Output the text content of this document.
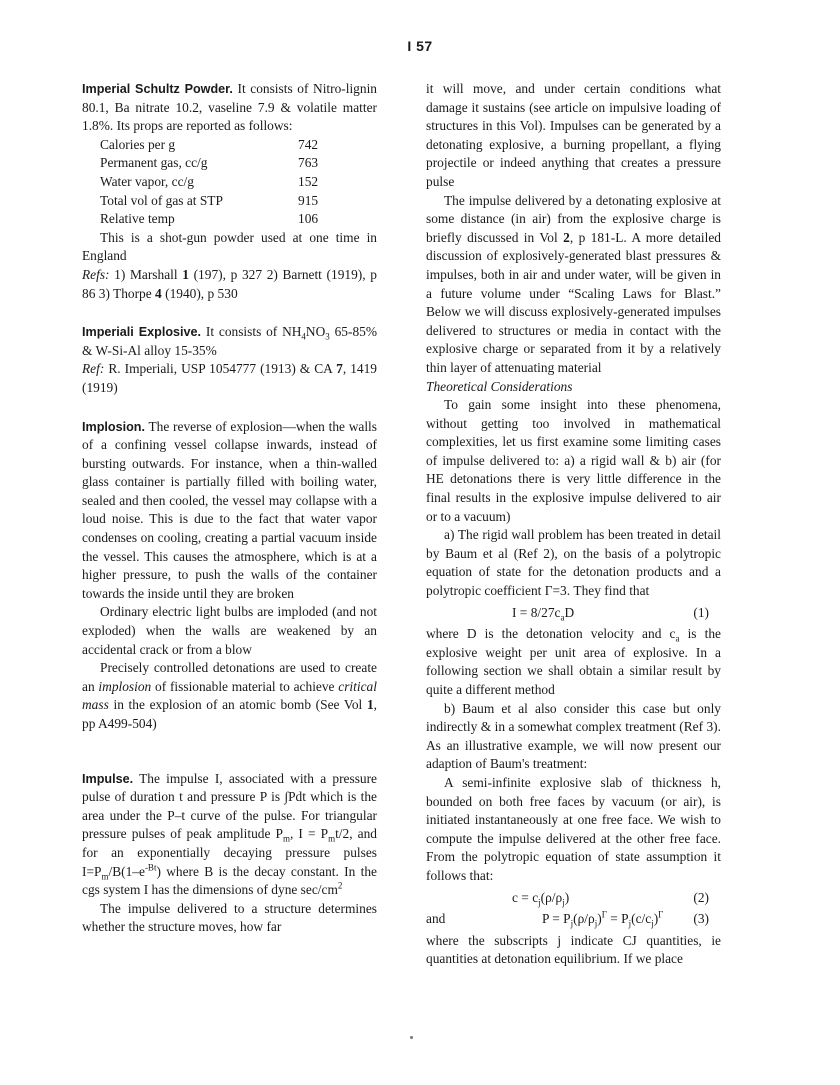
I 57

Imperial Schultz Powder. It consists of Nitro-lignin 80.1, Ba nitrate 10.2, vaseline 7.9 & volatile matter 1.8%. Its props are reported as follows:

Calories per g	742
Permanent gas, cc/g	763
Water vapor, cc/g	152
Total vol of gas at STP	915
Relative temp	106

This is a shot-gun powder used at one time in England

Refs: 1) Marshall 1 (197), p 327 2) Barnett (1919), p 86 3) Thorpe 4 (1940), p 530

Imperiali Explosive. It consists of $NH_4NO_3$ 65-85% & W-Si-Al alloy 15-35%

Ref: R. Imperiali, USP 1054777 (1913) & CA 7, 1419 (1919)

Implosion. The reverse of explosion—when the walls of a confining vessel collapse inwards, instead of bursting outwards. For instance, when a thin-walled glass container is partially filled with boiling water, sealed and then cooled, the vessel may collapse with a loud noise. This is due to the fact that water vapor condenses on cooling, creating a partial vacuum inside the vessel. This causes the atmosphere, which is at a higher pressure, to push the walls of the container towards the inside until they are broken

Ordinary electric light bulbs are imploded (and not exploded) when the walls are weakened by an accidental crack or from a blow

Precisely controlled detonations are used to create an implosion of fissionable material to achieve critical mass in the explosion of an atomic bomb (See Vol 1, pp A499-504)

Impulse. The impulse I, associated with a pressure pulse of duration t and pressure P is ∫Pdt which is the area under the P–t curve of the pulse. For triangular pressure pulses of peak amplitude $P_m$, $I = P_mt/2$, and for an exponentially decaying pressure pulses $I=P_m/B(1-e^{-Bt})$ where B is the decay constant. In the cgs system I has the dimensions of dyne $\sec/cm^2$

The impulse delivered to a structure determines whether the structure moves, how far

it will move, and under certain conditions what damage it sustains (see article on impulsive loading of structures in this Vol). Impulses can be generated by a detonating explosive, a burning propellant, a flying projectile or indeed anything that creates a pressure pulse

The impulse delivered by a detonating explosive at some distance (in air) from the explosive charge is briefly discussed in Vol 2, p 181-L. A more detailed discussion of explosively-generated blast pressures & impulses, both in air and under water, will be given in a future volume under “Scaling Laws for Blast.” Below we will discuss explosively-generated impulses delivered to structures or media in contact with the explosive charge or separated from it by a relatively thin layer of attenuating material

Theoretical Considerations

To gain some insight into these phenomena, without getting too involved in mathematical complexities, let us first examine some limiting cases of impulse delivered to: a) a rigid wall & b) air (for HE detonations there is very little difference in the final results in the explosive impulse delivered to air or to a vacuum)

a) The rigid wall problem has been treated in detail by Baum et al (Ref 2), on the basis of a polytropic equation of state for the detonation products and a polytropic coefficient Γ=3. They find that

$I = 8/27c_aD$	(1)

where D is the detonation velocity and $c_a$ is the explosive weight per unit area of explosive. In a following section we shall obtain a similar result by quite a different method

b) Baum et al also consider this case but only indirectly & in a somewhat complex treatment (Ref 3). As an illustrative example, we will now present our adaption of Baum's treatment:

A semi-infinite explosive slab of thickness h, bounded on both free faces by vacuum (or air), is initiated instantaneously at one free face. We wish to compute the impulse delivered at the other free face. From the polytropic equation of state assumption it follows that:

$c = c_j(\rho/\rho_j)$	(2)
and	$P = P_j(\rho/\rho_j)^\Gamma = P_j(c/c_j)^\Gamma$ (3)

where the subscripts j indicate CJ quantities, ie quantities at detonation equilibrium. If we place
